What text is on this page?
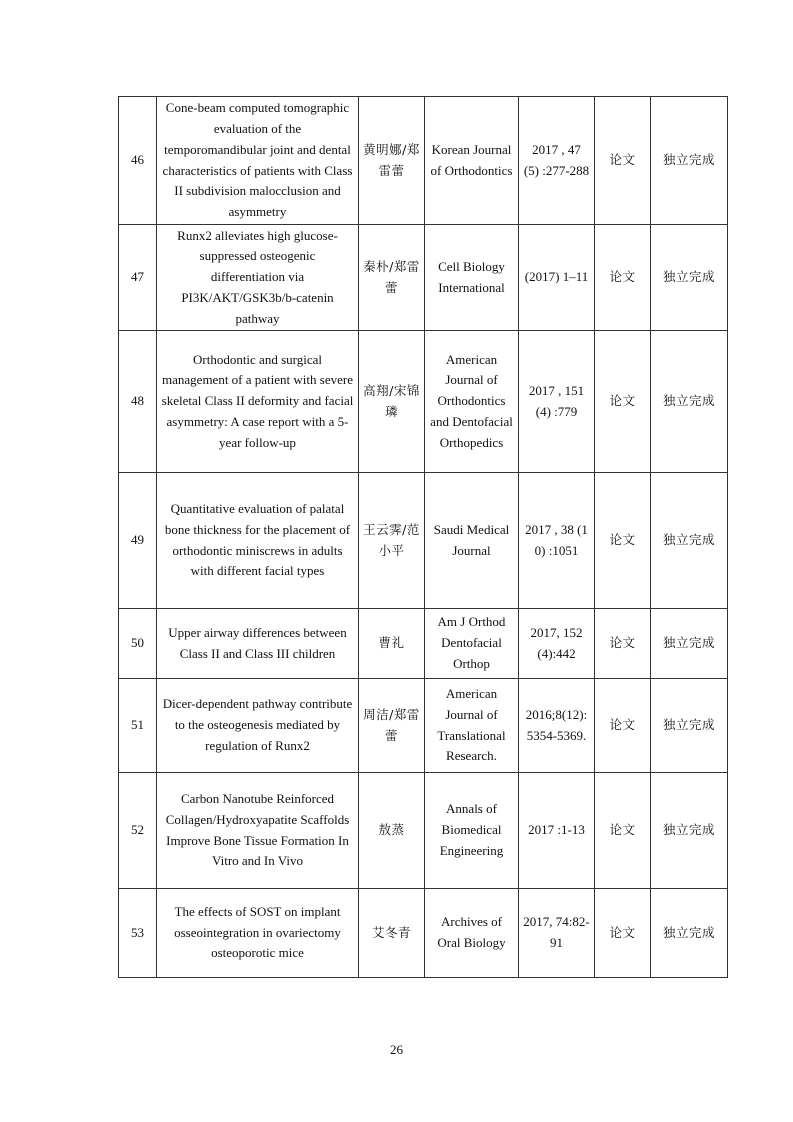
46	Cone-beam computed tomographic evaluation of the temporomandibular joint and dental characteristics of patients with Class II subdivision malocclusion and asymmetry	黄明娜/郑雷蕾	Korean Journal of Orthodontics	2017 , 47 (5) :277-288	论文	独立完成
47	Runx2 alleviates high glucose-suppressed osteogenic differentiation via PI3K/AKT/GSK3b/b-catenin pathway	秦朴/郑雷蕾	Cell Biology International	(2017) 1–11	论文	独立完成
48	Orthodontic and surgical management of a patient with severe skeletal Class II deformity and facial asymmetry: A case report with a 5-year follow-up	高翔/宋锦璘	American Journal of Orthodontics and Dentofacial Orthopedics	2017 , 151 (4) :779	论文	独立完成
49	Quantitative evaluation of palatal bone thickness for the placement of orthodontic miniscrews in adults with different facial types	王云霁/范小平	Saudi Medical Journal	2017 , 38 (10) :1051	论文	独立完成
50	Upper airway differences between Class II and Class III children	曹礼	Am J Orthod Dentofacial Orthop	2017, 152(4):442	论文	独立完成
51	Dicer-dependent pathway contribute to the osteogenesis mediated by regulation of Runx2	周洁/郑雷蕾	American Journal of Translational Research.	2016;8(12):5354-5369.	论文	独立完成
52	Carbon Nanotube Reinforced Collagen/Hydroxyapatite Scaffolds Improve Bone Tissue Formation In Vitro and In Vivo	敖蒸	Annals of Biomedical Engineering	2017 :1-13	论文	独立完成
53	The effects of SOST on implant osseointegration in ovariectomy osteoporotic mice	艾冬青	Archives of Oral Biology	2017, 74:82-91	论文	独立完成
26
